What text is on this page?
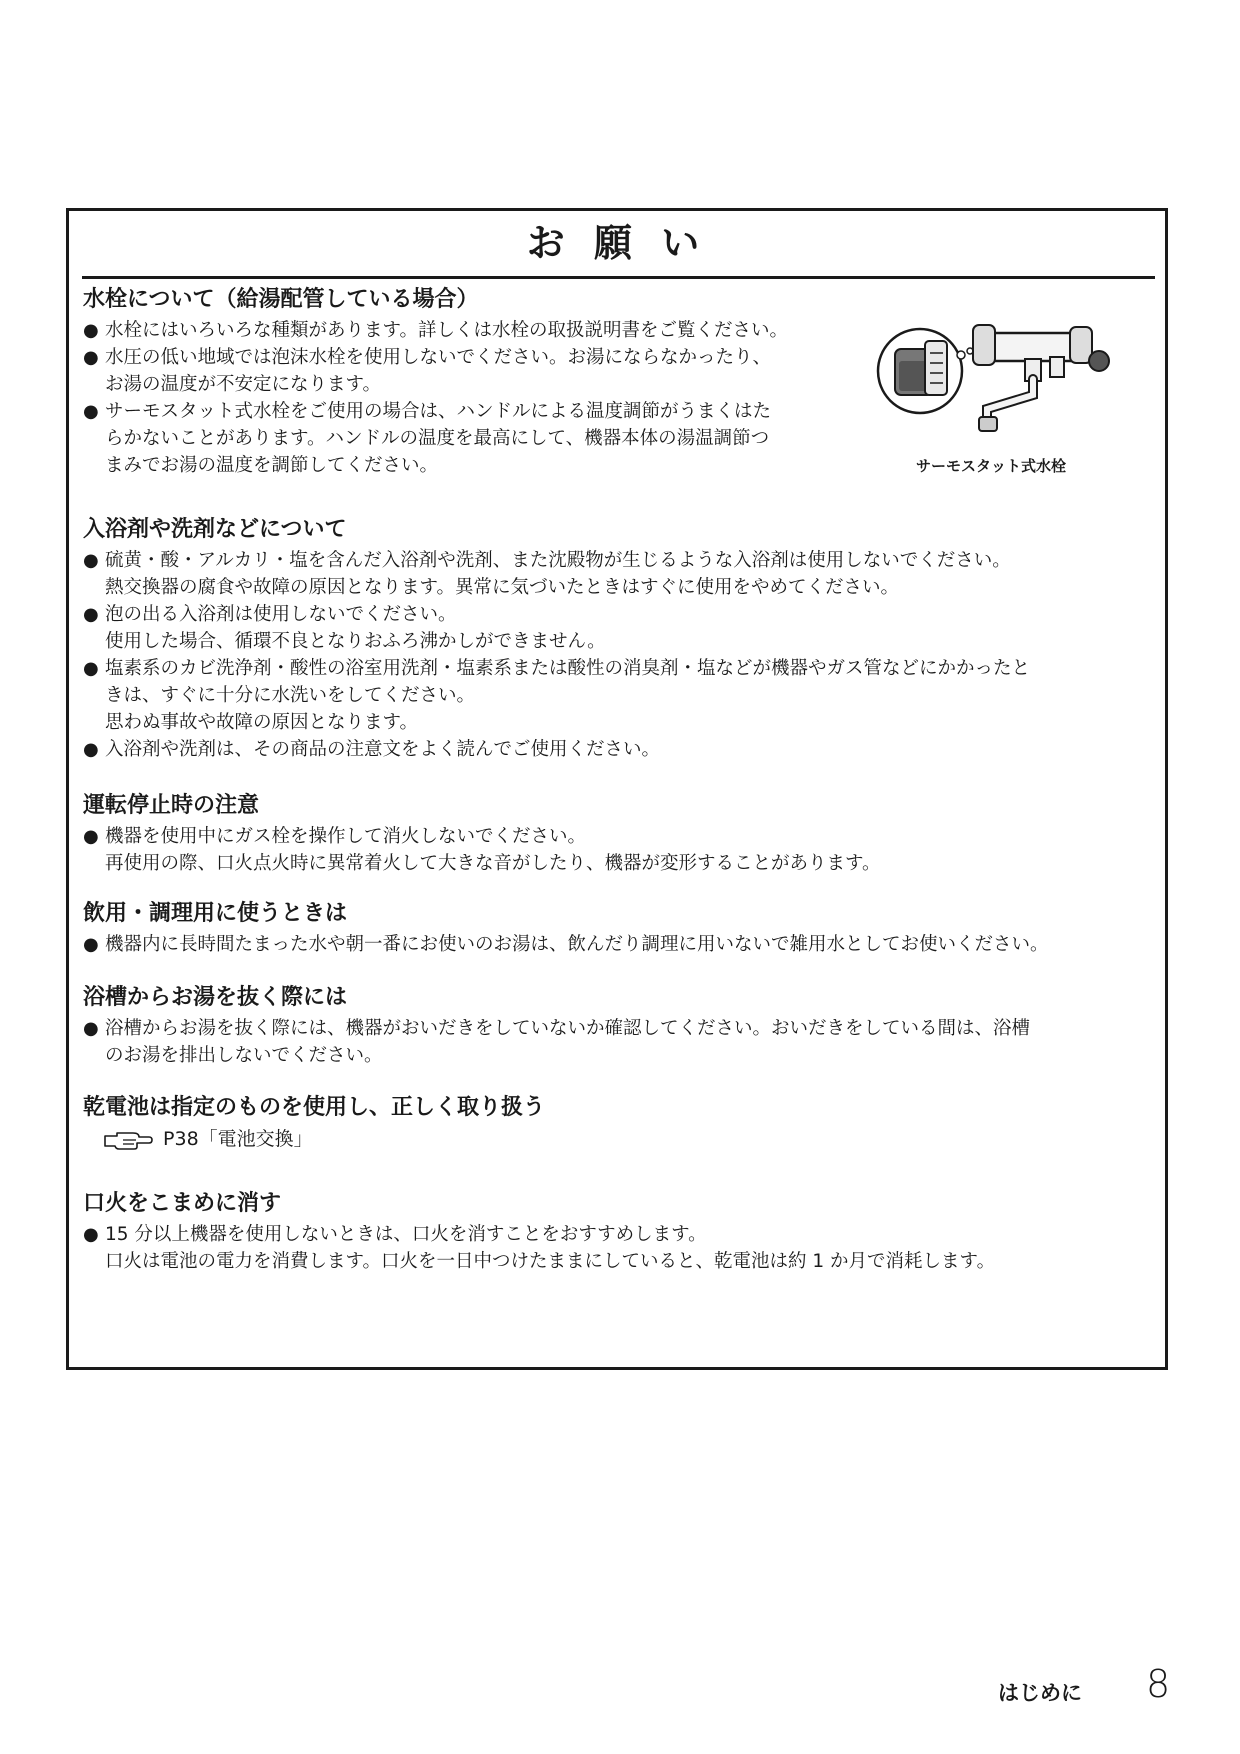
お 願 い
水栓について（給湯配管している場合）
● 水栓にはいろいろな種類があります。詳しくは水栓の取扱説明書をご覧ください。
● 水圧の低い地域では泡沫水栓を使用しないでください。お湯にならなかったり、
お湯の温度が不安定になります。
● サーモスタット式水栓をご使用の場合は、ハンドルによる温度調節がうまくはた
らかないことがあります。ハンドルの温度を最高にして、機器本体の湯温調節つ
まみでお湯の温度を調節してください。	サーモスタット式水栓
入浴剤や洗剤などについて
● 硫黄・酸・アルカリ・塩を含んだ入浴剤や洗剤、また沈殿物が生じるような入浴剤は使用しないでください。
熱交換器の腐食や故障の原因となります。異常に気づいたときはすぐに使用をやめてください。
● 泡の出る入浴剤は使用しないでください。
使用した場合、循環不良となりおふろ沸かしができません。
● 塩素系のカビ洗浄剤・酸性の浴室用洗剤・塩素系または酸性の消臭剤・塩などが機器やガス管などにかかったと
きは、すぐに十分に水洗いをしてください。
思わぬ事故や故障の原因となります。
● 入浴剤や洗剤は、その商品の注意文をよく読んでご使用ください。
運転停止時の注意
● 機器を使用中にガス栓を操作して消火しないでください。
再使用の際、口火点火時に異常着火して大きな音がしたり、機器が変形することがあります。
飲用・調理用に使うときは
● 機器内に長時間たまった水や朝一番にお使いのお湯は、飲んだり調理に用いないで雑用水としてお使いください。
浴槽からお湯を抜く際には
● 浴槽からお湯を抜く際には、機器がおいだきをしていないか確認してください。おいだきをしている間は、浴槽
のお湯を排出しないでください。
乾電池は指定のものを使用し、正しく取り扱う
P38「電池交換」
口火をこまめに消す
● 15 分以上機器を使用しないときは、口火を消すことをおすすめします。
口火は電池の電力を消費します。口火を一日中つけたままにしていると、乾電池は約 1 か月で消耗します。
はじめに 8
